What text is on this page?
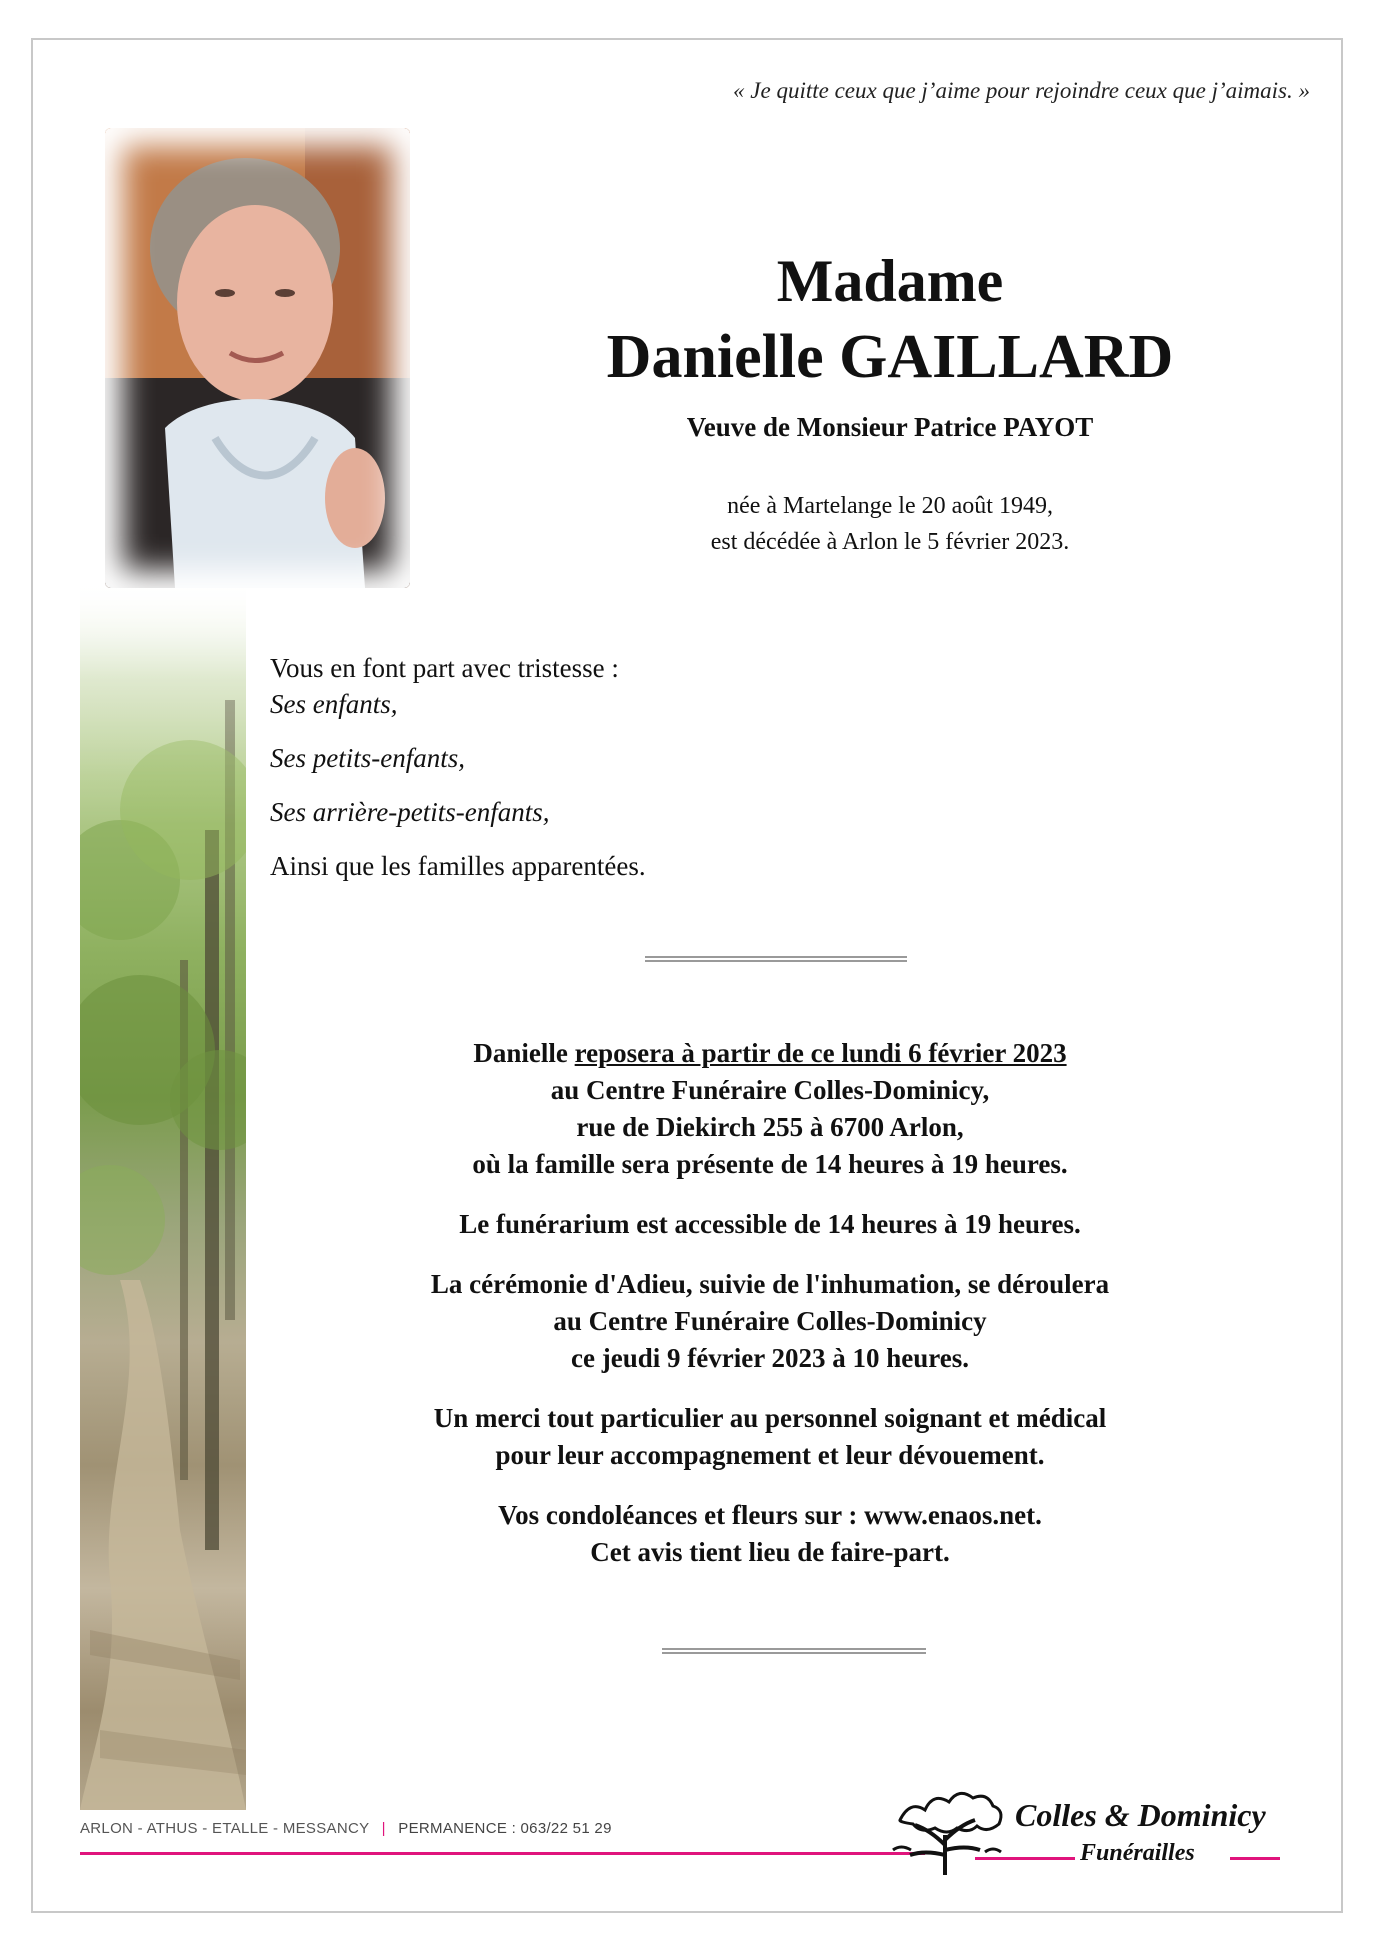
« Je quitte ceux que j’aime pour rejoindre ceux que j’aimais. »

Madame

Danielle GAILLARD

Veuve de Monsieur Patrice PAYOT

née à Martelange le 20 août 1949,
est décédée à Arlon le 5 février 2023.
Vous en font part avec tristesse :
Ses enfants,
Ses petits-enfants,
Ses arrière-petits-enfants,
Ainsi que les familles apparentées.

Danielle reposera à partir de ce lundi 6 février 2023
au Centre Funéraire Colles-Dominicy,
rue de Diekirch 255 à 6700 Arlon,
où la famille sera présente de 14 heures à 19 heures.

Le funérarium est accessible de 14 heures à 19 heures.

La cérémonie d'Adieu, suivie de l'inhumation, se déroulera
au Centre Funéraire Colles-Dominicy
ce jeudi 9 février 2023 à 10 heures.

Un merci tout particulier au personnel soignant et médical
pour leur accompagnement et leur dévouement.

Vos condoléances et fleurs sur : www.enaos.net.
Cet avis tient lieu de faire-part.

ARLON - ATHUS - ETALLE - MESSANCY | PERMANENCE : 063/22 51 29	Colles & Dominicy
Funérailles
